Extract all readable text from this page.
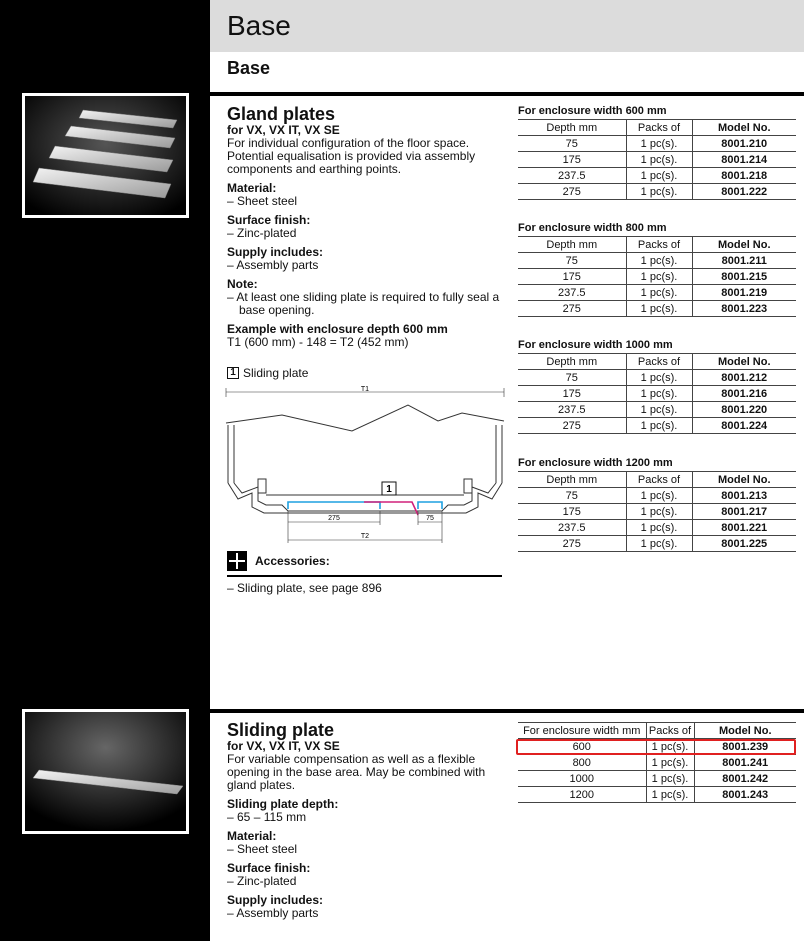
Base
Base
Gland plates
for VX, VX IT, VX SE
For individual configuration of the floor space. Potential equalisation is provided via assembly components and earthing points.
Material:
– Sheet steel
Surface finish:
– Zinc-plated
Supply includes:
– Assembly parts
Note:
– At least one sliding plate is required to fully seal a base opening.
Example with enclosure depth 600 mm
T1 (600 mm) - 148 = T2 (452 mm)
1 Sliding plate
1
T1
275	75
T2
Accessories:
– Sliding plate, see page 896
For enclosure width 600 mm
Depth mm	Packs of	Model No.
75	1 pc(s).	8001.210
175	1 pc(s).	8001.214
237.5	1 pc(s).	8001.218
275	1 pc(s).	8001.222
For enclosure width 800 mm
Depth mm	Packs of	Model No.
75	1 pc(s).	8001.211
175	1 pc(s).	8001.215
237.5	1 pc(s).	8001.219
275	1 pc(s).	8001.223
For enclosure width 1000 mm
Depth mm	Packs of	Model No.
75	1 pc(s).	8001.212
175	1 pc(s).	8001.216
237.5	1 pc(s).	8001.220
275	1 pc(s).	8001.224
For enclosure width 1200 mm
Depth mm	Packs of	Model No.
75	1 pc(s).	8001.213
175	1 pc(s).	8001.217
237.5	1 pc(s).	8001.221
275	1 pc(s).	8001.225
Sliding plate
for VX, VX IT, VX SE
For variable compensation as well as a flexible opening in the base area. May be combined with gland plates.
Sliding plate depth:
– 65 – 115 mm
Material:
– Sheet steel
Surface finish:
– Zinc-plated
Supply includes:
– Assembly parts
For enclosure width mm	Packs of	Model No.
600	1 pc(s).	8001.239
800	1 pc(s).	8001.241
1000	1 pc(s).	8001.242
1200	1 pc(s).	8001.243
